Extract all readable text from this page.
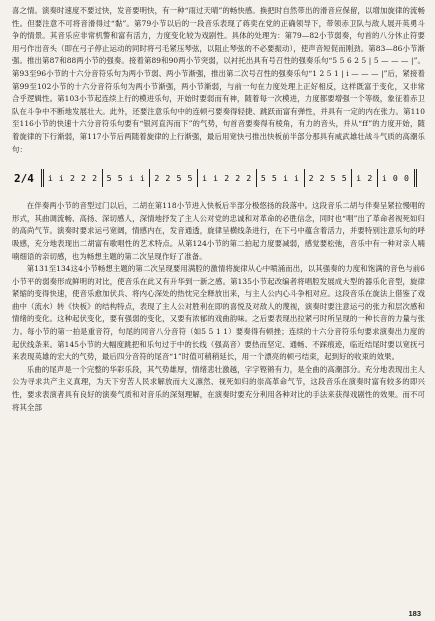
喜之情。演奏时速度不要过快，发音要明快，有一种“雨过天晴”的畅快感。换把时自然带出的滑音应保留，以增加旋律的流畅性。但要注意不可将音滑得过“黏”。第79小节以后的一段音乐表现了蒋奕在党的正确领导下，带领赤卫队与敌人展开英勇斗争的情景。其音乐应非常机警和富有活力，力度变化较为戏剧性。具体的处理为：第79—82小节弱奏，句首的八分休止符要用弓作出音头（即在弓子停止运动的同时将弓毛紧压琴弦，以阻止琴弦的不必要振动），使声音短促而刚劲。第83—86小节渐强。推出第87和88两小节的强奏。接着第89和90两小节突弱，以衬托出具有号召性的强奏乐句“5 5 6 2 5 | 5 — — — |”。第93至96小节的十六分音符乐句为两小节弱、两小节渐强，推出第二次号召性的强奏乐句“1 2 5 1 | i — — — |”后，紧接着第99至102小节的十六分音符乐句为两小节渐强，两小节渐弱，与前一句在力度处理上正好相反，这样既富于变化，又非常合乎逻辑性。第103小节起连续上行的模进乐句，开始时要弱而有神，随着每一次模进，力度都要增强一个等级，象征着赤卫队在斗争中不断地发展壮大。此外，还要注意乐句中的连顿弓要奏得轻捷、跳跃而富有弹性，并具有一定的内在张力。第110至116小节的快速十六分音符乐句要有“银河直泻而下”的气势，句首音要奏得有棱角，有力的音头，并从“ff”的力度开始，随着旋律的下行渐弱，第117小节后两随着旋律的上行渐强，最后用宽快弓推出快板前半部分那具有威武雄壮战斗气质的高潮乐句：

2/4 i i 2 2 2 5 5 i i 2 2 5 5 i i 2 2 2 5 5 i i 2 2 5 5 i 2 i 0 0

在伴奏两小节的音型过门以后，二胡在第118小节进入快板后半部分极悠扬的段落中。这段音乐二胡与伴奏呈紧拉慢唱的形式，其曲调流畅、高扬、深切感人，深情地抒发了主人公对党的忠诚和对革命的必胜信念，同时也“唱”出了革命者视死如归的高尚气节。演奏时要求运弓宽阔，情感内在，发音通透，旋律呈横线条进行，在下弓中蕴含着活力，并要特别注意乐句的呼吸感，充分地表现出二胡富有歌唱性的艺术特点。从第124小节的第二拍起力度要减弱，感觉要松弛，音乐中有一种对亲人喃喃细语的亲切感，也为畅想主题的第二次呈现作好了准备。

第131至134这4小节畅想主题的第二次呈现要用满腔的激情将旋律从心中喷涌而出，以其强奏的力度和饱满的音色与前6小节平的弱奏形成鲜明的对比，使音乐在此又有升华到一新之感。第135小节起改编者将唱腔发展成大型的器乐化音型，旋律紧缩的变得快速，使音乐愈加伏兵、将内心深处的热忱完全释放出来，与主人公内心斗争相对应。这段音乐在旋法上借鉴了戏曲中（流水）转《快板》的结构特点，表现了主人公对胜利在即的喜悦及对敌人的蔑视，演奏时要注意运弓的张力和层次感和情绪的变化。这种起伏变化，要有强弱的变化，又要有浓郁的戏曲韵味。之后要表现出拉紧弓时所呈现的一种长音的力量与张力。每小节的第一拍是重音符，句尾的同音八分音符（如5 5 1 1）要奏得有顿挫；连续的十六分音符乐句要求演奏出力度的起伏线条来。第145小节的大幅度跳把和乐句过于中的长线（强高音）要热而坚定、通畅、不踩痕迹，临近结尾时要以宽抚弓来表现英雄的宏大的气势，最后四分音符的尾音“1”时值可稍稍延长，用一个漂亮的顿弓结束，起到好的收束的效果。

乐曲的尾声是一个完整的华彩乐段，其气势雄厚，情绪悲壮激越，字字铿锵有力，是全曲的高潮部分。充分地表现出主人公为寻求共产主义真理，为天下穷苦人民求解放而大义凛然、视死如归的崇高革命气节，这段音乐在演奏时富有较多的即兴性，要求表演者具有良好的演奏气质和对音乐的深刻理解，在演奏时要充分利用各种对比的手法来获得戏剧性的效果。而不可将其全部

183
